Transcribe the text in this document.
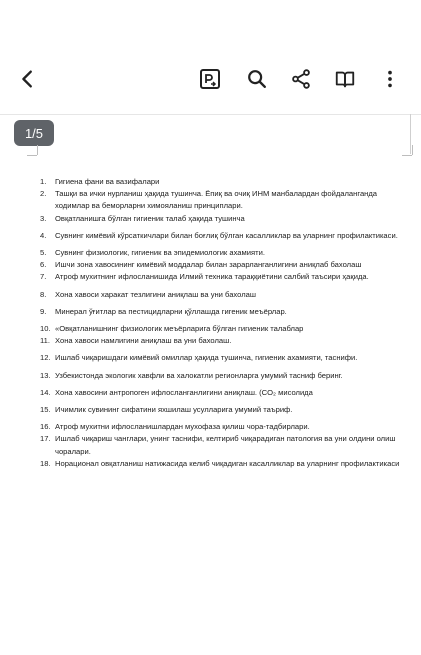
1/5
1.	Гигиена фани ва вазифалари
2.	Ташқи ва ички нурланиш ҳақида тушинча. Ёпиқ ва очиқ ИНМ манбалардан фойдаланганда ходимлар ва беморларни химояланиш принциплари.
3.	Овқатланишга бўлган гигиеник талаб ҳақида тушинча
4.	Сувнинг кимёвий кўрсаткичлари билан боғлиқ бўлган касалликлар ва уларнинг профилактикаси.
5.	Сувнинг физиологик, гигиеник ва эпидемиологик ахамияти.
6.	Ишчи зона хавосининг кимёвий моддалар билан зарарланганлигини аниқлаб бахолаш
7.	Атроф мухитнинг ифлосланишида Илмий техника тараққиётини салбий таъсири ҳақида.
8.	Хона хавоси харакат тезлигини аниқлаш ва уни бахолаш
9.	Минерал ўғитлар ва пестицидларни қўллашда гигеник меъёрлар.
10. «Овқатланишнинг физиологик меъёрларига бўлган гигиеник талаблар
11. Хона хавоси намлигини аниқлаш ва уни бахолаш.
12. Ишлаб чиқаришдаги кимёвий омиллар ҳақида тушинча, гигиеник ахамияти, таснифи.
13. Узбекистонда экологик хавфли ва халокатли регионларга умумий тасниф беринг.
14. Хона хавосини антропоген ифлосланганлигини аниқлаш. (CO₂ мисолида
15. Ичимлик сувининг сифатини яхшилаш усулларига умумий таъриф.
16. Атроф мухитни ифлосланишлардан мухофаза қилиш чора-тадбирлари.
17. Ишлаб чиқариш чанглари, унинг таснифи, келтириб чиқарадиган патология ва уни олдини олиш чоралари.
18. Норационал овқатланиш натижасида келиб чиқадиган касалликлар ва уларнинг профилактикаси
